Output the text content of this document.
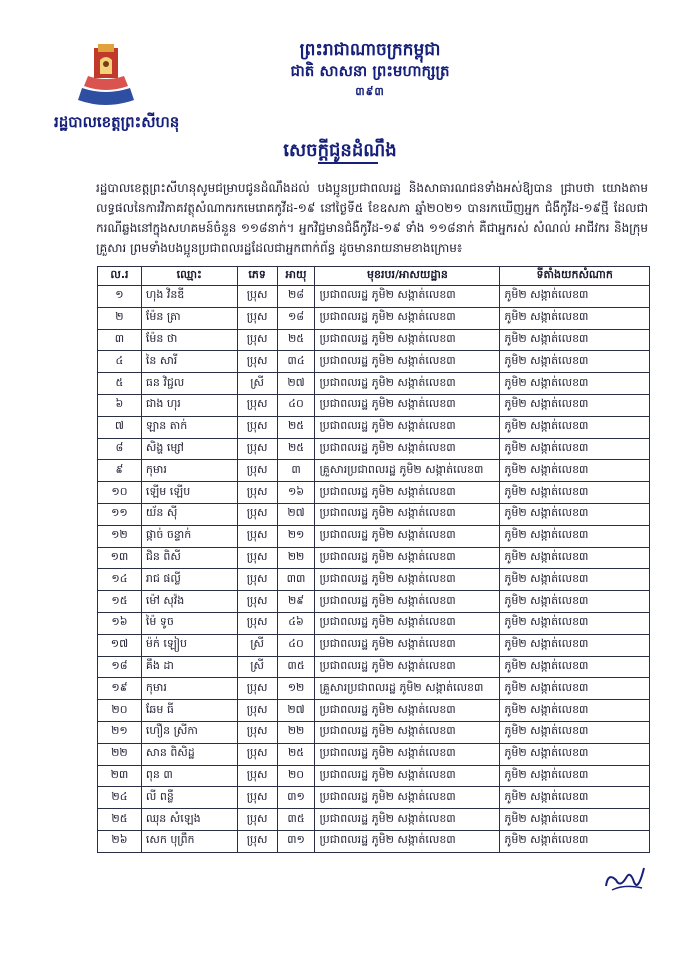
ព្រះរាជាណាចក្រកម្ពុជា
ជាតិ សាសនា ព្រះមហាក្សត្រ
៣៩៣
រដ្ឋបាលខេត្តព្រះសីហនុ
សេចក្ដីជូនដំណឹង
រដ្ឋបាលខេត្តព្រះសីហនុសូមជម្រាបជូនដំណឹងដល់ បងប្អូនប្រជាពលរដ្ឋ និងសាធារណជនទាំងអស់ឱ្យបាន ជ្រាបថា យោងតាមលទ្ធផលនៃការវិភាគវត្ថុសំណាករកមេរោគកូវីដ-១៩ នៅថ្ងៃទី៥ ខែឧសភា ឆ្នាំ២០២១ បានរកឃើញអ្នក ជំងឺកូវីដ-១៩ថ្មី ដែលជាករណីឆ្លងនៅក្នុងសហគមន៍ចំនួន ១១៨នាក់។ អ្នកវិជ្ជមានជំងឺកូវីដ-១៩ ទាំង ១១៨នាក់ គឺជាអ្នករស់ សំណល់ អាជីវករ និងក្រុមគ្រួសារ ព្រមទាំងបងប្អូនប្រជាពលរដ្ឋដែលជាអ្នកពាក់ព័ន្ធ ដូចមានរាយនាមខាងក្រោម៖
ល.រ	ឈ្មោះ	ភេទ	អាយុ	មុខរបរ/អាសយដ្ឋាន	ទីតាំងយកសំណាក
១	ហុង វិនឌី	ប្រុស	២៨	ប្រជាពលរដ្ឋ ភូមិ២ សង្កាត់លេខ៣	ភូមិ២ សង្កាត់លេខ៣
២	ម៉ែន ត្រា	ប្រុស	១៨	ប្រជាពលរដ្ឋ ភូមិ២ សង្កាត់លេខ៣	ភូមិ២ សង្កាត់លេខ៣
៣	ម៉ែន ថា	ប្រុស	២៥	ប្រជាពលរដ្ឋ ភូមិ២ សង្កាត់លេខ៣	ភូមិ២ សង្កាត់លេខ៣
៤	នៃ សារី	ប្រុស	៣៤	ប្រជាពលរដ្ឋ ភូមិ២ សង្កាត់លេខ៣	ភូមិ២ សង្កាត់លេខ៣
៥	ធន វិជ្ជល	ស្រី	២៧	ប្រជាពលរដ្ឋ ភូមិ២ សង្កាត់លេខ៣	ភូមិ២ សង្កាត់លេខ៣
៦	ជាង ហុរ	ប្រុស	៤០	ប្រជាពលរដ្ឋ ភូមិ២ សង្កាត់លេខ៣	ភូមិ២ សង្កាត់លេខ៣
៧	ឡាន តាក់	ប្រុស	២៥	ប្រជាពលរដ្ឋ ភូមិ២ សង្កាត់លេខ៣	ភូមិ២ សង្កាត់លេខ៣
៨	សិង្ហ ម្សៅ	ប្រុស	២៥	ប្រជាពលរដ្ឋ ភូមិ២ សង្កាត់លេខ៣	ភូមិ២ សង្កាត់លេខ៣
៩	កុមារ	ប្រុស	៣	គ្រួសារប្រជាពលរដ្ឋ ភូមិ២ សង្កាត់លេខ៣	ភូមិ២ សង្កាត់លេខ៣
១០	ឡើម ឡើប	ប្រុស	១៦	ប្រជាពលរដ្ឋ ភូមិ២ សង្កាត់លេខ៣	ភូមិ២ សង្កាត់លេខ៣
១១	យ័ន ស៊ី	ប្រុស	២៧	ប្រជាពលរដ្ឋ ភូមិ២ សង្កាត់លេខ៣	ភូមិ២ សង្កាត់លេខ៣
១២	ផ្កាច់ ចន្ទាក់	ប្រុស	២១	ប្រជាពលរដ្ឋ ភូមិ២ សង្កាត់លេខ៣	ភូមិ២ សង្កាត់លេខ៣
១៣	ជិន ពិសី	ប្រុស	២២	ប្រជាពលរដ្ឋ ភូមិ២ សង្កាត់លេខ៣	ភូមិ២ សង្កាត់លេខ៣
១៤	រាជ ផល្លី	ប្រុស	៣៣	ប្រជាពលរដ្ឋ ភូមិ២ សង្កាត់លេខ៣	ភូមិ២ សង្កាត់លេខ៣
១៥	ម៉ៅ សុវ៉ង	ប្រុស	២៩	ប្រជាពលរដ្ឋ ភូមិ២ សង្កាត់លេខ៣	ភូមិ២ សង្កាត់លេខ៣
១៦	ម៉ៃ ទូច	ប្រុស	៤៦	ប្រជាពលរដ្ឋ ភូមិ២ សង្កាត់លេខ៣	ភូមិ២ សង្កាត់លេខ៣
១៧	ម៉ក់ ឡៀប	ស្រី	៤០	ប្រជាពលរដ្ឋ ភូមិ២ សង្កាត់លេខ៣	ភូមិ២ សង្កាត់លេខ៣
១៨	គឹង ដា	ស្រី	៣៥	ប្រជាពលរដ្ឋ ភូមិ២ សង្កាត់លេខ៣	ភូមិ២ សង្កាត់លេខ៣
១៩	កុមារ	ប្រុស	១២	គ្រួសារប្រជាពលរដ្ឋ ភូមិ២ សង្កាត់លេខ៣	ភូមិ២ សង្កាត់លេខ៣
២០	ឆែម ធី	ប្រុស	២៧	ប្រជាពលរដ្ឋ ភូមិ២ សង្កាត់លេខ៣	ភូមិ២ សង្កាត់លេខ៣
២១	ហឿន ស្រីកា	ប្រុស	២២	ប្រជាពលរដ្ឋ ភូមិ២ សង្កាត់លេខ៣	ភូមិ២ សង្កាត់លេខ៣
២២	សាន ពិសិដ្ឋ	ប្រុស	២៥	ប្រជាពលរដ្ឋ ភូមិ២ សង្កាត់លេខ៣	ភូមិ២ សង្កាត់លេខ៣
២៣	ពុន ៣	ប្រុស	២០	ប្រជាពលរដ្ឋ ភូមិ២ សង្កាត់លេខ៣	ភូមិ២ សង្កាត់លេខ៣
២៤	លី ពន្លឺ	ប្រុស	៣១	ប្រជាពលរដ្ឋ ភូមិ២ សង្កាត់លេខ៣	ភូមិ២ សង្កាត់លេខ៣
២៥	ឈុន សំឡេង	ប្រុស	៣៥	ប្រជាពលរដ្ឋ ភូមិ២ សង្កាត់លេខ៣	ភូមិ២ សង្កាត់លេខ៣
២៦	សេក បុព្រឹក	ប្រុស	៣១	ប្រជាពលរដ្ឋ ភូមិ២ សង្កាត់លេខ៣	ភូមិ២ សង្កាត់លេខ៣
